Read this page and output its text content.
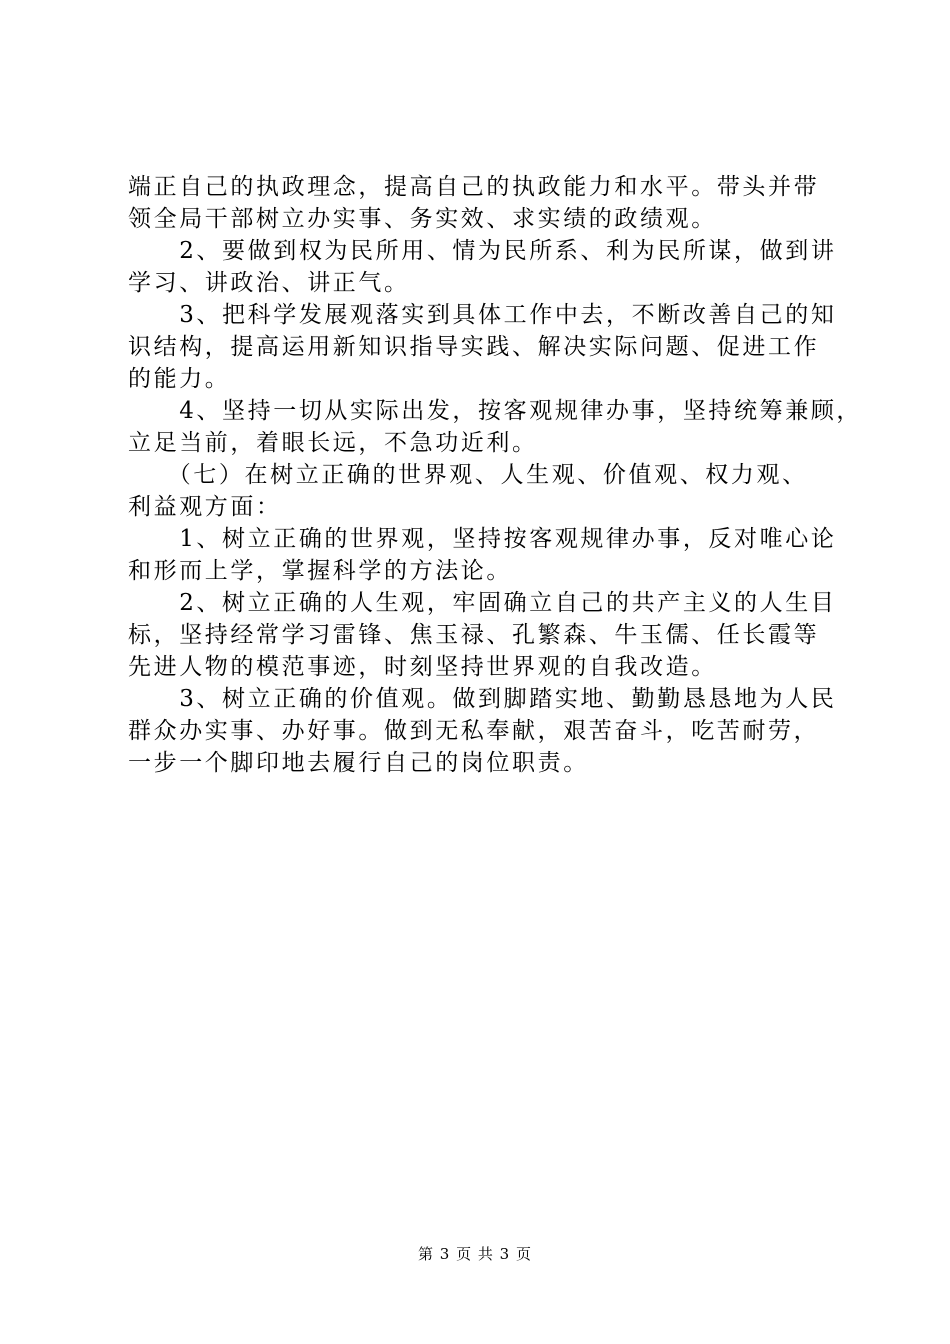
端正自己的执政理念，提高自己的执政能力和水平。带头并带
领全局干部树立办实事、务实效、求实绩的政绩观。
　　2、要做到权为民所用、情为民所系、利为民所谋，做到讲
学习、讲政治、讲正气。
　　3、把科学发展观落实到具体工作中去，不断改善自己的知
识结构，提高运用新知识指导实践、解决实际问题、促进工作
的能力。
　　4、坚持一切从实际出发，按客观规律办事，坚持统筹兼顾，
立足当前，着眼长远，不急功近利。
　　（七）在树立正确的世界观、人生观、价值观、权力观、
利益观方面：
　　1、树立正确的世界观，坚持按客观规律办事，反对唯心论
和形而上学，掌握科学的方法论。
　　2、树立正确的人生观，牢固确立自己的共产主义的人生目
标，坚持经常学习雷锋、焦玉禄、孔繁森、牛玉儒、任长霞等
先进人物的模范事迹，时刻坚持世界观的自我改造。
　　3、树立正确的价值观。做到脚踏实地、勤勤恳恳地为人民
群众办实事、办好事。做到无私奉献，艰苦奋斗，吃苦耐劳，
一步一个脚印地去履行自己的岗位职责。
第 3 页 共 3 页
